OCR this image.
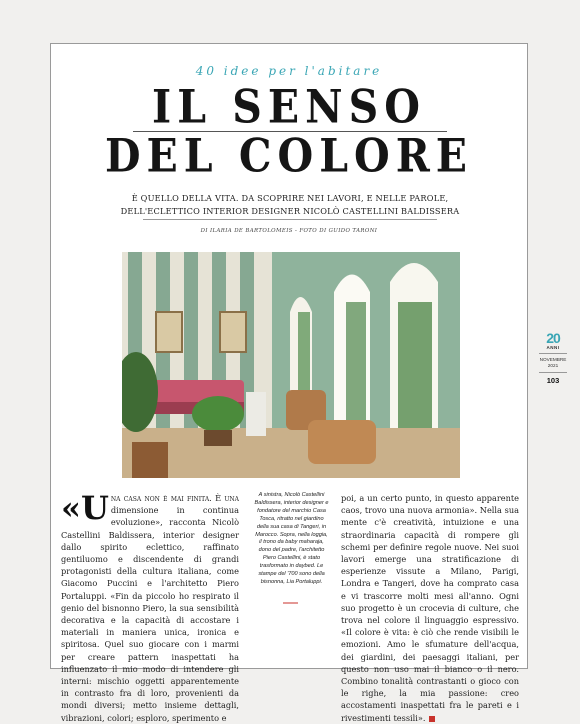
40 idee per l'abitare
IL SENSO
DEL COLORE
È QUELLO DELLA VITA. DA SCOPRIRE NEI LAVORI, E NELLE PAROLE,
DELL'ECLETTICO INTERIOR DESIGNER NICOLÒ CASTELLINI BALDISSERA
DI ILARIA DE BARTOLOMEIS - FOTO DI GUIDO TARONI
«Una casa non è mai finita. È una dimensione in continua evoluzione», racconta Nicolò Castellini Baldissera, interior designer dallo spirito eclettico, raffinato gentiluomo e discendente di grandi protagonisti della cultura italiana, come Giacomo Puccini e l'architetto Piero Portaluppi. «Fin da piccolo ho respirato il genio del bisnonno Piero, la sua sensibilità decorativa e la capacità di accostare i materiali in maniera unica, ironica e spiritosa. Quel suo giocare con i marmi per creare pattern inaspettati ha influenzato il mio modo di intendere gli interni: mischio oggetti apparentemente in contrasto fra di loro, provenienti da mondi diversi; metto insieme dettagli, vibrazioni, colori; esploro, sperimento e
A sinistra, Nicolò Castellini Baldissera, interior designer e fondatore del marchio Casa Tosca, ritratto nel giardino della sua casa di Tangeri, in Marocco. Sopra, nella loggia, il trono da baby maharaja, dono del padre, l'architetto Piero Castellini, è stato trasformato in daybed. Le stampe del '700 sono della bisnonna, Lia Portaluppi.
poi, a un certo punto, in questo apparente caos, trovo una nuova armonia». Nella sua mente c'è creatività, intuizione e una straordinaria capacità di rompere gli schemi per definire regole nuove. Nei suoi lavori emerge una stratificazione di esperienze vissute a Milano, Parigi, Londra e Tangeri, dove ha comprato casa e vi trascorre molti mesi all'anno. Ogni suo progetto è un crocevia di culture, che trova nel colore il linguaggio espressivo. «Il colore è vita: è ciò che rende visibili le emozioni. Amo le sfumature dell'acqua, dei giardini, dei paesaggi italiani, per questo non uso mai il bianco o il nero. Combino tonalità contrastanti o gioco con le righe, la mia passione: creo accostamenti inaspettati fra le pareti e i rivestimenti tessili».
20
ANNI
NOVEMBRE
2021
103
